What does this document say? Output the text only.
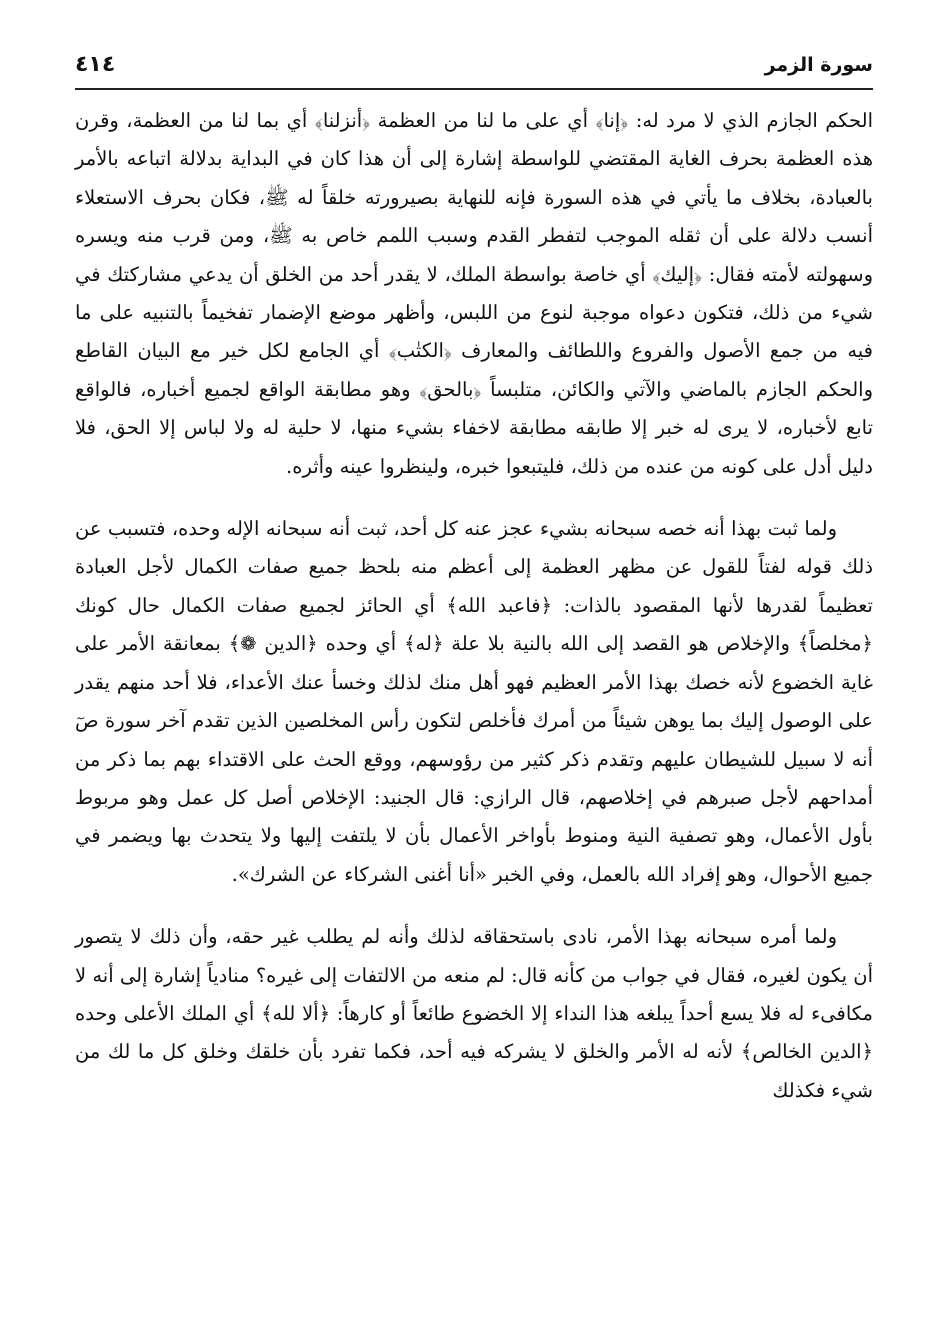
سورة الزمر
٤١٤

الحكم الجازم الذي لا مرد له: ﴿إنا﴾ أي على ما لنا من العظمة ﴿أنزلنا﴾ أي بما لنا من العظمة، وقرن هذه العظمة بحرف الغاية المقتضي للواسطة إشارة إلى أن هذا كان في البداية بدلالة اتباعه بالأمر بالعبادة، بخلاف ما يأتي في هذه السورة فإنه للنهاية بصيرورته خلقاً له ﷺ، فكان بحرف الاستعلاء أنسب دلالة على أن ثقله الموجب لتفطر القدم وسبب اللمم خاص به ﷺ، ومن قرب منه ويسره وسهولته لأمته فقال: ﴿إليك﴾ أي خاصة بواسطة الملك، لا يقدر أحد من الخلق أن يدعي مشاركتك في شيء من ذلك، فتكون دعواه موجبة لنوع من اللبس، وأظهر موضع الإضمار تفخيماً بالتنبيه على ما فيه من جمع الأصول والفروع واللطائف والمعارف ﴿الكتٰب﴾ أي الجامع لكل خير مع البيان القاطع والحكم الجازم بالماضي والآتي والكائن، متلبساً ﴿بالحق﴾ وهو مطابقة الواقع لجميع أخباره، فالواقع تابع لأخباره، لا يرى له خبر إلا طابقه مطابقة لاخفاء بشيء منها، لا حلية له ولا لباس إلا الحق، فلا دليل أدل على كونه من عنده من ذلك، فليتبعوا خبره، ولينظروا عينه وأثره.

ولما ثبت بهذا أنه خصه سبحانه بشيء عجز عنه كل أحد، ثبت أنه سبحانه الإله وحده، فتسبب عن ذلك قوله لفتاً للقول عن مظهر العظمة إلى أعظم منه بلحظ جميع صفات الكمال لأجل العبادة تعظيماً لقدرها لأنها المقصود بالذات: ﴿فاعبد الله﴾ أي الحائز لجميع صفات الكمال حال كونك ﴿مخلصاً﴾ والإخلاص هو القصد إلى الله بالنية بلا علة ﴿له﴾ أي وحده ﴿الدين ❁﴾ بمعانقة الأمر على غاية الخضوع لأنه خصك بهذا الأمر العظيم فهو أهل منك لذلك وخسأ عنك الأعداء، فلا أحد منهم يقدر على الوصول إليك بما يوهن شيئاً من أمرك فأخلص لتكون رأس المخلصين الذين تقدم آخر سورة صٓ أنه لا سبيل للشيطان عليهم وتقدم ذكر كثير من رؤوسهم، ووقع الحث على الاقتداء بهم بما ذكر من أمداحهم لأجل صبرهم في إخلاصهم، قال الرازي: قال الجنيد: الإخلاص أصل كل عمل وهو مربوط بأول الأعمال، وهو تصفية النية ومنوط بأواخر الأعمال بأن لا يلتفت إليها ولا يتحدث بها ويضمر في جميع الأحوال، وهو إفراد الله بالعمل، وفي الخبر «أنا أغنى الشركاء عن الشرك».

ولما أمره سبحانه بهذا الأمر، نادى باستحقاقه لذلك وأنه لم يطلب غير حقه، وأن ذلك لا يتصور أن يكون لغيره، فقال في جواب من كأنه قال: لم منعه من الالتفات إلى غيره؟ منادياً إشارة إلى أنه لا مكافىء له فلا يسع أحداً يبلغه هذا النداء إلا الخضوع طائعاً أو كارهاً: ﴿ألا لله﴾ أي الملك الأعلى وحده ﴿الدين الخالص﴾ لأنه له الأمر والخلق لا يشركه فيه أحد، فكما تفرد بأن خلقك وخلق كل ما لك من شيء فكذلك
